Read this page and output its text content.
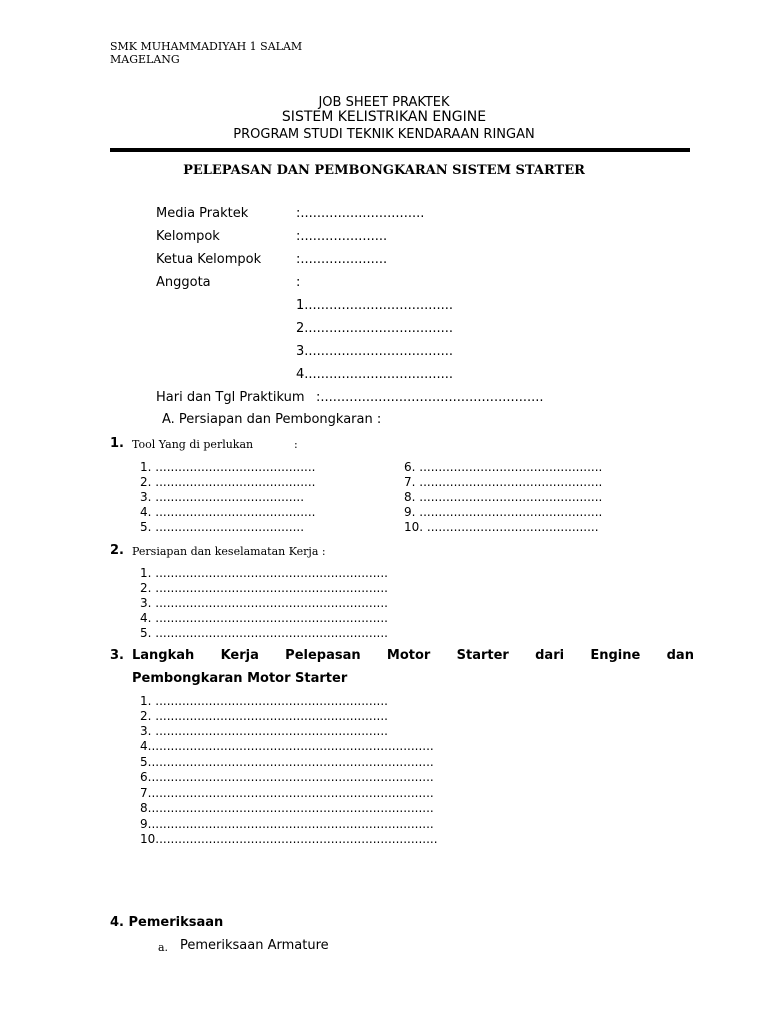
SMK MUHAMMADIYAH 1 SALAM
MAGELANG
JOB SHEET PRAKTEK
SISTEM KELISTRIKAN ENGINE
PROGRAM STUDI TEKNIK KENDARAAN RINGAN
PELEPASAN DAN PEMBONGKARAN SISTEM STARTER
Media Praktek	:..............................
Kelompok	:.....................
Ketua Kelompok	:.....................
Anggota	:
1....................................
2....................................
3....................................
4....................................
Hari dan Tgl Praktikum :......................................................
A. Persiapan dan Pembongkaran :
1. Tool Yang di perlukan	:
1. ..........................................
2. ..........................................
3. .......................................
4. ..........................................
5. .......................................
6. ................................................
7. ................................................
8. ................................................
9. ................................................
10. .............................................
2. Persiapan dan keselamatan Kerja :
1. .............................................................
2. .............................................................
3. .............................................................
4. .............................................................
5. .............................................................
3. Langkah Kerja Pelepasan Motor Starter dari Engine dan
Pembongkaran Motor Starter
1. .............................................................
2. .............................................................
3. .............................................................
4...........................................................................
5...........................................................................
6...........................................................................
7...........................................................................
8...........................................................................
9...........................................................................
10..........................................................................
4. Pemeriksaan
a. Pemeriksaan Armature
